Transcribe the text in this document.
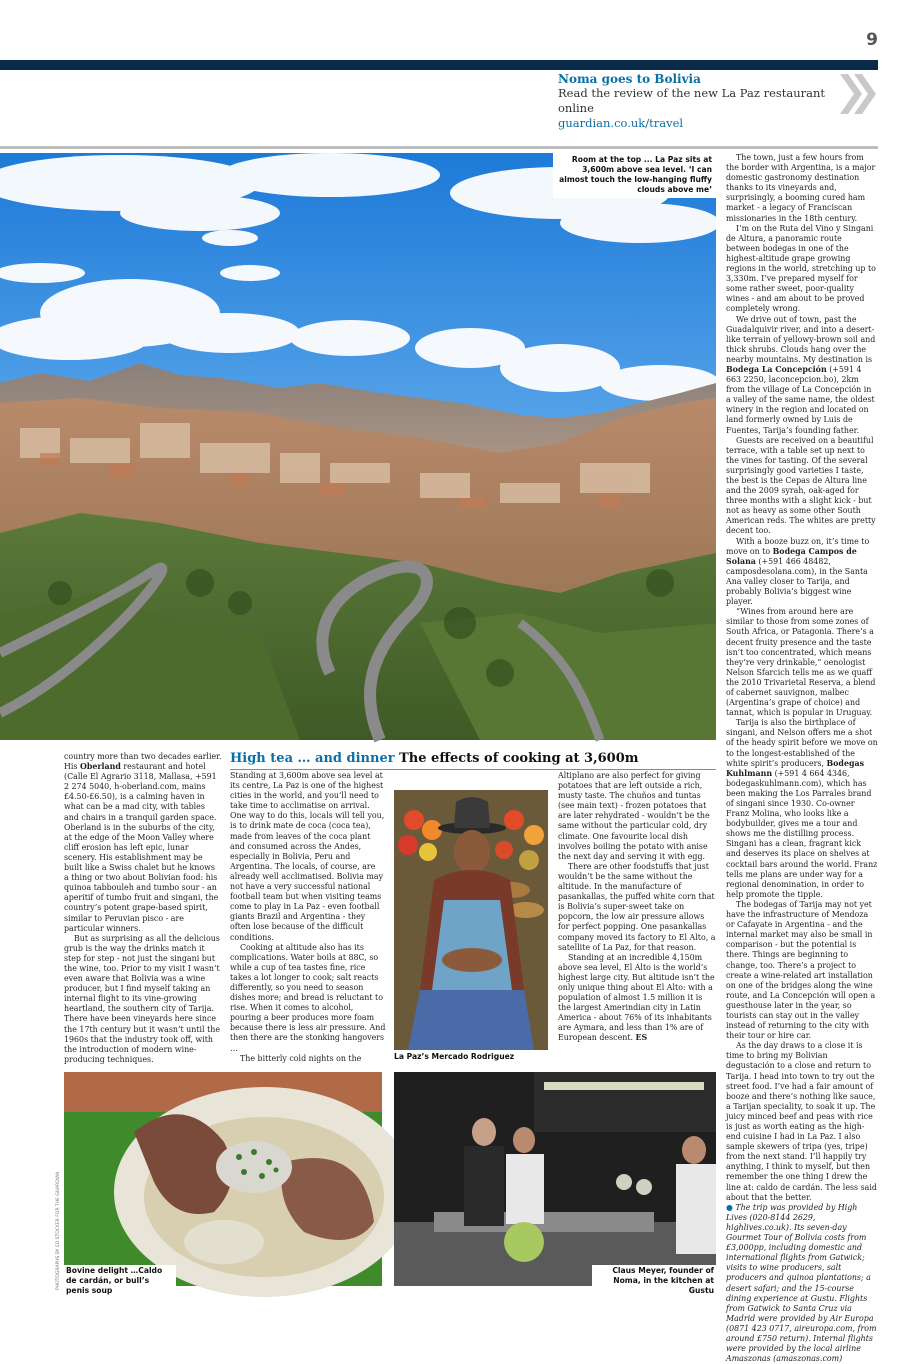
9
Noma goes to Bolivia
Read the review of the new La Paz restaurant online
guardian.co.uk/travel
Room at the top ... La Paz sits at 3,600m above sea level. ‘I can almost touch the low-hanging fluffy clouds above me’

country more than two decades earlier. His Oberland restaurant and hotel (Calle El Agrario 3118, Mallasa, +591 2 274 5040, h-oberland.com, mains £4.50-£6.50), is a calming haven in what can be a mad city, with tables and chairs in a tranquil garden space. Oberland is in the suburbs of the city, at the edge of the Moon Valley where cliff erosion has left epic, lunar scenery. His establishment may be built like a Swiss chalet but he knows a thing or two about Bolivian food: his quinoa tabbouleh and tumbo sour - an aperitif of tumbo fruit and singani, the country’s potent grape-based spirit, similar to Peruvian pisco - are particular winners.

But as surprising as all the delicious grub is the way the drinks match it step for step - not just the singani but the wine, too. Prior to my visit I wasn’t even aware that Bolivia was a wine producer, but I find myself taking an internal flight to its vine-growing heartland, the southern city of Tarija. There have been vineyards here since the 17th century but it wasn’t until the 1960s that the industry took off, with the introduction of modern wine-producing techniques.

High tea … and dinner The effects of cooking at 3,600m

Standing at 3,600m above sea level at its centre, La Paz is one of the highest cities in the world, and you’ll need to take time to acclimatise on arrival. One way to do this, locals will tell you, is to drink mate de coca (coca tea), made from leaves of the coca plant and consumed across the Andes, especially in Bolivia, Peru and Argentina. The locals, of course, are already well acclimatised. Bolivia may not have a very successful national football team but when visiting teams come to play in La Paz - even football giants Brazil and Argentina - they often lose because of the difficult conditions.

Cooking at altitude also has its complications. Water boils at 88C, so while a cup of tea tastes fine, rice takes a lot longer to cook; salt reacts differently, so you need to season dishes more; and bread is reluctant to rise. When it comes to alcohol, pouring a beer produces more foam because there is less air pressure. And then there are the stonking hangovers …

The bitterly cold nights on the	La Paz’s Mercado Rodriguez

Altiplano are also perfect for giving potatoes that are left outside a rich, musty taste. The chuños and tuntas (see main text) - frozen potatoes that are later rehydrated - wouldn’t be the same without the particular cold, dry climate. One favourite local dish involves boiling the potato with anise the next day and serving it with egg.

There are other foodstuffs that just wouldn’t be the same without the altitude. In the manufacture of pasankallas, the puffed white corn that is Bolivia’s super-sweet take on popcorn, the low air pressure allows for perfect popping. One pasankallas company moved its factory to El Alto, a satellite of La Paz, for that reason.

Standing at an incredible 4,150m above sea level, El Alto is the world’s highest large city. But altitude isn’t the only unique thing about El Alto: with a population of almost 1.5 million it is the largest Amerindian city in Latin America - about 76% of its inhabitants are Aymara, and less than 1% are of European descent. ES

The town, just a few hours from the border with Argentina, is a major domestic gastronomy destination thanks to its vineyards and, surprisingly, a booming cured ham market - a legacy of Franciscan missionaries in the 18th century.

I’m on the Ruta del Vino y Singani de Altura, a panoramic route between bodegas in one of the highest-altitude grape growing regions in the world, stretching up to 3,330m. I’ve prepared myself for some rather sweet, poor-quality wines - and am about to be proved completely wrong.

We drive out of town, past the Guadalquivir river, and into a desert-like terrain of yellowy-brown soil and thick shrubs. Clouds hang over the nearby mountains. My destination is Bodega La Concepción (+591 4 663 2250, laconcepcion.bo), 2km from the village of La Concepción in a valley of the same name, the oldest winery in the region and located on land formerly owned by Luis de Fuentes, Tarija’s founding father.

Guests are received on a beautiful terrace, with a table set up next to the vines for tasting. Of the several surprisingly good varieties I taste, the best is the Cepas de Altura line and the 2009 syrah, oak-aged for three months with a slight kick - but not as heavy as some other South American reds. The whites are pretty decent too.

With a booze buzz on, it’s time to move on to Bodega Campos de Solana (+591 466 48482, camposdesolana.com), in the Santa Ana valley closer to Tarija, and probably Bolivia’s biggest wine player.

“Wines from around here are similar to those from some zones of South Africa, or Patagonia. There’s a decent fruity presence and the taste isn’t too concentrated, which means they’re very drinkable,” oenologist Nelson Sfarcich tells me as we quaff the 2010 Trivarietal Reserva, a blend of cabernet sauvignon, malbec (Argentina’s grape of choice) and tannat, which is popular in Uruguay.

Tarija is also the birthplace of singani, and Nelson offers me a shot of the heady spirit before we move on to the longest-established of the white spirit’s producers, Bodegas Kuhlmann (+591 4 664 4346, bodegaskuhlmann.com), which has been making the Los Parrales brand of singani since 1930. Co-owner Franz Molina, who looks like a bodybuilder, gives me a tour and shows me the distilling process. Singani has a clean, fragrant kick and deserves its place on shelves at cocktail bars around the world. Franz tells me plans are under way for a regional denomination, in order to help promote the tipple.

The bodegas of Tarija may not yet have the infrastructure of Mendoza or Cafayate in Argentina - and the internal market may also be small in comparison - but the potential is there. Things are beginning to change, too. There’s a project to create a wine-related art installation on one of the bridges along the wine route, and La Concepción will open a guesthouse later in the year, so tourists can stay out in the valley instead of returning to the city with their tour or hire car.

As the day draws to a close it is time to bring my Bolivian degustación to a close and return to Tarija. I head into town to try out the street food. I’ve had a fair amount of booze and there’s nothing like sauce, a Tarijan speciality, to soak it up. The juicy minced beef and peas with rice is just as worth eating as the high-end cuisine I had in La Paz. I also sample skewers of tripa (yes, tripe) from the next stand. I’ll happily try anything, I think to myself, but then remember the one thing I drew the line at: caldo de cardán. The less said about that the better.

● The trip was provided by High Lives (020-8144 2629, highlives.co.uk). Its seven-day Gourmet Tour of Bolivia costs from £3,000pp, including domestic and international flights from Gatwick; visits to wine producers, salt producers and quinoa plantations; a desert safari; and the 15-course dining experience at Gustu. Flights from Gatwick to Santa Cruz via Madrid were provided by Air Europa (0871 423 0717, aireuropa.com, from around £750 return). Internal flights were provided by the local airline Amaszonas (amaszonas.com)

Bovine delight …Caldo de cardán, or bull’s penis soup
PHOTOGRAPHS BY ED STOCKER FOR THE GUARDIAN	Claus Meyer, founder of Noma, in the kitchen at Gustu
